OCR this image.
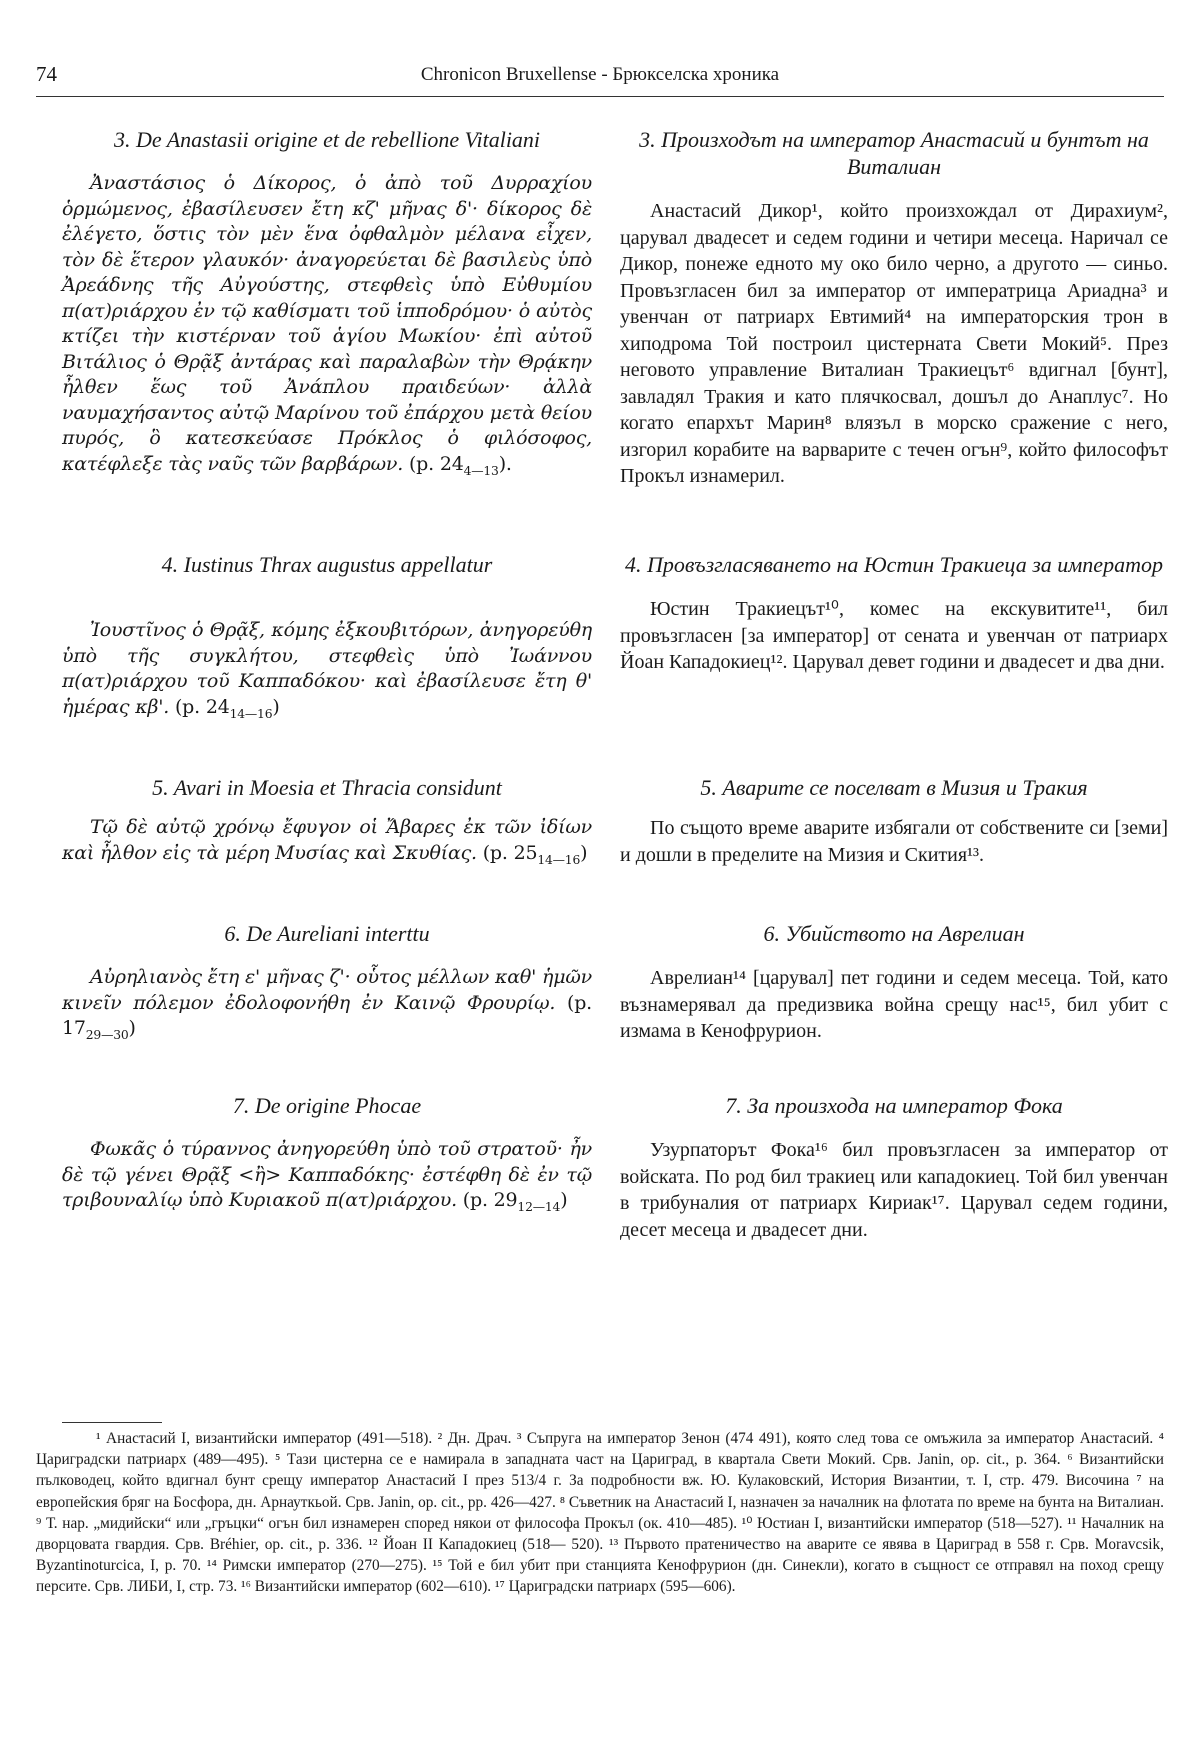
74	Chronicon Bruxellense - Брюкселска хроника
3. De Anastasii origine et de rebellione Vitaliani

Ἀναστάσιος ὁ Δίκορος, ὁ ἀπὸ τοῦ Δυρραχίου ὁρμώμενος, ἐβασίλευσεν ἔτη κζ' μῆνας δ'· δίκορος δὲ ἐλέγετο, ὅστις τὸν μὲν ἕνα ὀφθαλμὸν μέλανα εἶχεν, τὸν δὲ ἕτερον γλαυκόν· ἀναγορεύεται δὲ βασιλεὺς ὑπὸ Ἀρεάδνης τῆς Αὐγούστης, στεφθεὶς ὑπὸ Εὐθυμίου π(ατ)ριάρχου ἐν τῷ καθίσματι τοῦ ἱπποδρόμου· ὁ αὐτὸς κτίζει τὴν κιστέρναν τοῦ ἁγίου Μωκίου· ἐπὶ αὐτοῦ Βιτάλιος ὁ Θρᾷξ ἀντάρας καὶ παραλαβὼν τὴν Θρᾴκην ἦλθεν ἕως τοῦ Ἀνάπλου πραιδεύων· ἀλλὰ ναυμαχήσαντος αὐτῷ Μαρίνου τοῦ ἐπάρχου μετὰ θείου πυρός, ὃ κατεσκεύασε Πρόκλος ὁ φιλόσοφος, κατέφλεξε τὰς ναῦς τῶν βαρβάρων. (p. $24_{4—13}$).

4. Iustinus Thrax augustus appellatur

Ἰουστῖνος ὁ Θρᾷξ, κόμης ἐξκουβιτόρων, ἀνηγορεύθη ὑπὸ τῆς συγκλήτου, στεφθεὶς ὑπὸ Ἰωάννου π(ατ)ριάρχου τοῦ Καππαδόκου· καὶ ἐβασίλευσε ἔτη θ' ἡμέρας κβ'. (p. $24_{14—16}$)

5. Avari in Moesia et Thracia considunt

Τῷ δὲ αὐτῷ χρόνῳ ἔφυγον οἱ Ἄβαρες ἐκ τῶν ἰδίων καὶ ἦλθον εἰς τὰ μέρη Μυσίας καὶ Σκυθίας. (p. $25_{14—16}$)

6. De Aureliani interttu

Αὐρηλιανὸς ἔτη ε' μῆνας ζ'· οὗτος μέλλων καθ' ἡμῶν κινεῖν πόλεμον ἐδολοφονήθη ἐν Καινῷ Φρουρίῳ. (p. $17_{29—30}$)

7. De origine Phocae

Φωκᾶς ὁ τύραννος ἀνηγορεύθη ὑπὸ τοῦ στρατοῦ· ἦν δὲ τῷ γένει Θρᾷξ <ἢ> Καππαδόκης· ἐστέφθη δὲ ἐν τῷ τριβουναλίῳ ὑπὸ Κυριακοῦ π(ατ)ριάρχου. (p. $29_{12—14}$)

3. Произходът на император Анастасий и бунтът на Виталиан

Анастасий Дикор¹, който произхождал от Дирахиум², царувал двадесет и седем години и четири месеца. Наричал се Дикор, понеже едното му око било черно, а другото — синьо. Провъзгласен бил за император от императрица Ариадна³ и увенчан от патриарх Евтимий⁴ на императорския трон в хиподрома Той построил цистерната Свети Мокий⁵. През неговото управление Виталиан Тракиецът⁶ вдигнал [бунт], завладял Тракия и като плячкосвал, дошъл до Анаплус⁷. Но когато епархът Марин⁸ влязъл в морско сражение с него, изгорил корабите на варварите с течен огън⁹, който философът Прокъл изнамерил.

4. Провъзгласяването на Юстин Тракиеца за император

Юстин Тракиецът¹⁰, комес на екскувитите¹¹, бил провъзгласен [за император] от сената и увенчан от патриарх Йоан Кападокиец¹². Царувал девет години и двадесет и два дни.

5. Аварите се поселват в Мизия и Тракия

По същото време аварите избягали от собствените си [земи] и дошли в пределите на Мизия и Скития¹³.

6. Убийството на Аврелиан

Аврелиан¹⁴ [царувал] пет години и седем месеца. Той, като възнамерявал да предизвика война срещу нас¹⁵, бил убит с измама в Кенофрурион.

7. За произхода на император Фока

Узурпаторът Фока¹⁶ бил провъзгласен за император от войската. По род бил тракиец или кападокиец. Той бил увенчан в трибуналия от патриарх Кириак¹⁷. Царувал седем години, десет месеца и двадесет дни.

¹ Анастасий I, византийски император (491—518). ² Дн. Драч. ³ Съпруга на император Зенон (474 491), която след това се омъжила за император Анастасий. ⁴ Цариградски патриарх (489—495). ⁵ Тази цистерна се е намирала в западната част на Цариград, в квартала Свети Мокий. Срв. Janin, op. cit., p. 364. ⁶ Византийски пълководец, който вдигнал бунт срещу император Анастасий I през 513/4 г. За подробности вж. Ю. Кулаковский, История Византии, т. I, стр. 479. Височина ⁷ на европейския бряг на Босфора, дн. Арнауткьой. Срв. Janin, op. cit., pp. 426—427. ⁸ Съветник на Анастасий I, назначен за началник на флотата по време на бунта на Виталиан. ⁹ Т. нар. „мидийски“ или „гръцки“ огън бил изнамерен според някои от философа Прокъл (ок. 410—485). ¹⁰ Юстиан I, византийски император (518—527). ¹¹ Началник на дворцовата гвардия. Срв. Bréhier, op. cit., p. 336. ¹² Йоан II Кападокиец (518— 520). ¹³ Първото пратеничество на аварите се явява в Цариград в 558 г. Срв. Moravcsik, Byzantinoturcica, I, p. 70. ¹⁴ Римски император (270—275). ¹⁵ Той е бил убит при станцията Кенофрурион (дн. Синекли), когато в същност се отправял на поход срещу персите. Срв. ЛИБИ, I, стр. 73. ¹⁶ Византийски император (602—610). ¹⁷ Цариградски патриарх (595—606).
